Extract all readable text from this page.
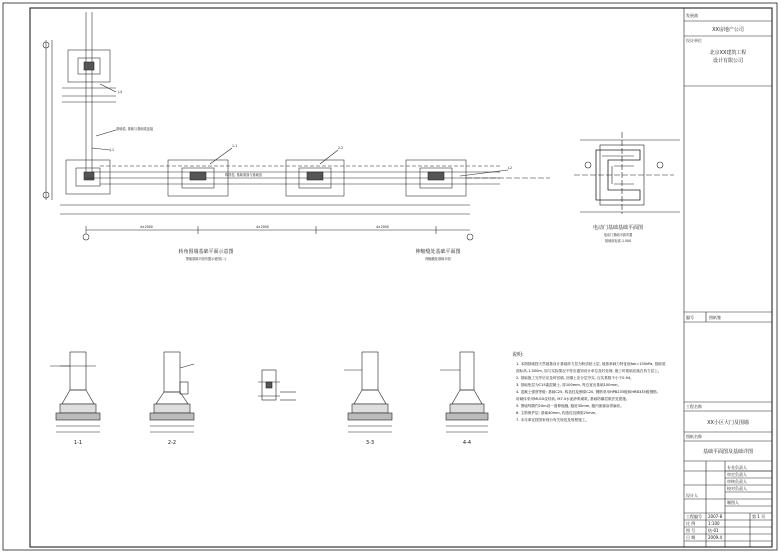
发展商
XX房地产公司
设计单位
北京XX建筑工程
设计有限公司
编号	图纸签
工程名称
XX小区大门及围墙
图纸名称
基础平面图及基础详图
专业负责人
审定负责人
审核负责人
校对负责人
设计人
制图人
工程编号 2007-8
比 例	1:100
图 号	结-01
日 期	2009.4
第 1 页
J-4
基础梁, 基础与基础梁连接
J-1
1-1
构造柱, 基础梁面与基础顶
2-2
J-2
4×2000	4×2000	4×2000
转角围墙基础平面示意图
围墙基础平面布置示意图(二)
伸缩缝处基础平面图
伸缩缝处基础平面
电动门基础基础平面图
电动门基础平面布置
基础底标高-1.500
1-1	2-2	3-3	4-4
说明:
1. 本图基础按天然地基设计基础持力层为粉质粘土层, 地基承载力特征值fak=150kPa, 基础底
面标高-1.500m, 如与实际情况不符应通知设计单位及时处理. 施工时基础应落在持力层上。
2. 基础施工完毕后应及时回填, 回填土应分层夯实, 压实系数不小于0.94。
3. 基础垫层为C15素混凝土, 厚100mm, 每边宽出基础100mm。
4. 混凝土强度等级: 基础C25, 构造柱及圈梁C20, 钢筋采用HPB235级和HRB335级钢筋。
砖砌体采用MU10烧结砖, M7.5水泥砂浆砌筑, 基础防潮层做法见建施。
5. 围墙每隔约20m设一道伸缩缝, 缝宽30mm, 缝内嵌塞沥青麻丝。
6. 主筋保护层: 基础40mm, 构造柱及圈梁25mm。
7. 未尽事宜按国家现行有关规范及规程施工。
